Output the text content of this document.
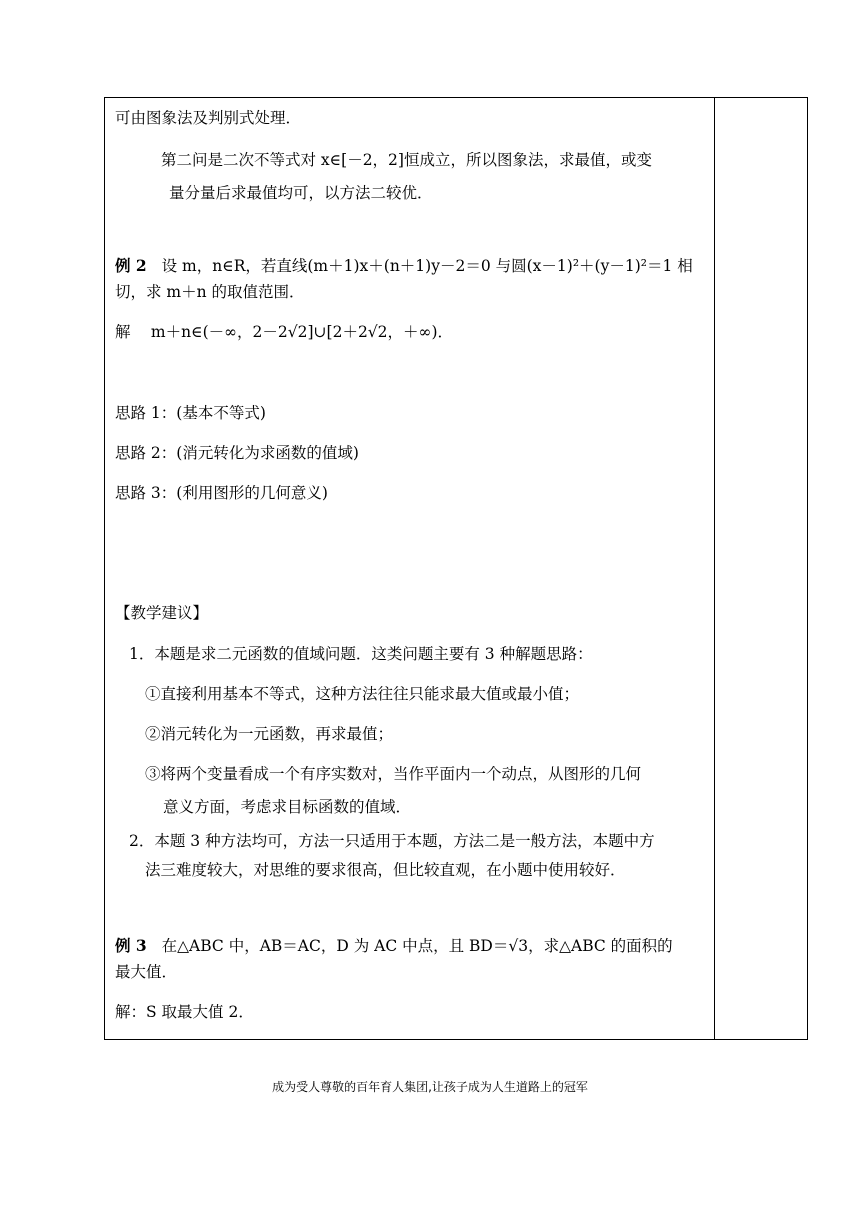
可由图象法及判别式处理．
第二问是二次不等式对 x∈[－2，2]恒成立，所以图象法，求最值，或变
量分量后求最值均可，以方法二较优．
例 2 设 m，n∈R，若直线(m＋1)x＋(n＋1)y－2＝0 与圆(x－1)²＋(y－1)²＝1 相
切，求 m＋n 的取值范围．
解　 m＋n∈(－∞，2－2√2]∪[2＋2√2，＋∞)．
思路 1：(基本不等式)
思路 2：(消元转化为求函数的值域)
思路 3：(利用图形的几何意义)
【教学建议】
1．本题是求二元函数的值域问题．这类问题主要有 3 种解题思路：
①直接利用基本不等式，这种方法往往只能求最大值或最小值；
②消元转化为一元函数，再求最值；
③将两个变量看成一个有序实数对，当作平面内一个动点，从图形的几何
意义方面，考虑求目标函数的值域．
2．本题 3 种方法均可，方法一只适用于本题，方法二是一般方法，本题中方
法三难度较大，对思维的要求很高，但比较直观，在小题中使用较好．
例 3 在△ABC 中，AB＝AC，D 为 AC 中点，且 BD＝√3，求△ABC 的面积的
最大值．
解：S 取最大值 2．
成为受人尊敬的百年育人集团,让孩子成为人生道路上的冠军
